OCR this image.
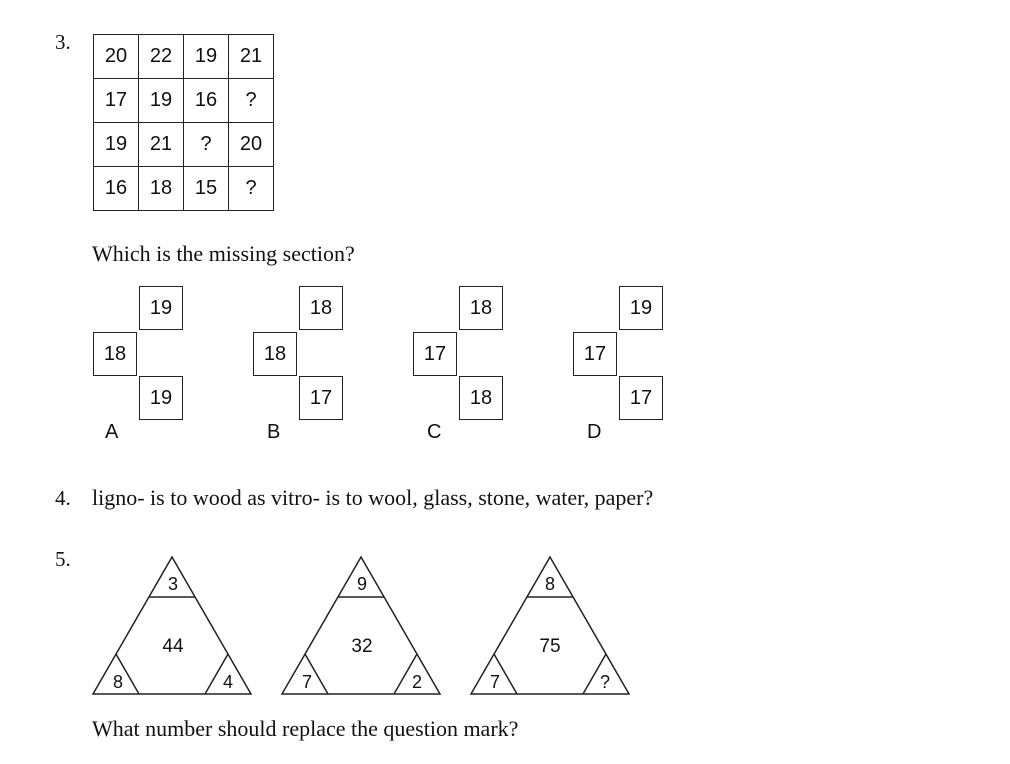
3.
20	22	19	21
17	19	16	?
19	21	?	20
16	18	15	?
Which is the missing section?
19
18
19
A
18
18
17
B
18
17
18
C
19
17
17
D
4. ligno- is to wood as vitro- is to wool, glass, stone, water, paper?
5.
3
44
8	4
9
32
7	2
8
75
7	?
What number should replace the question mark?
